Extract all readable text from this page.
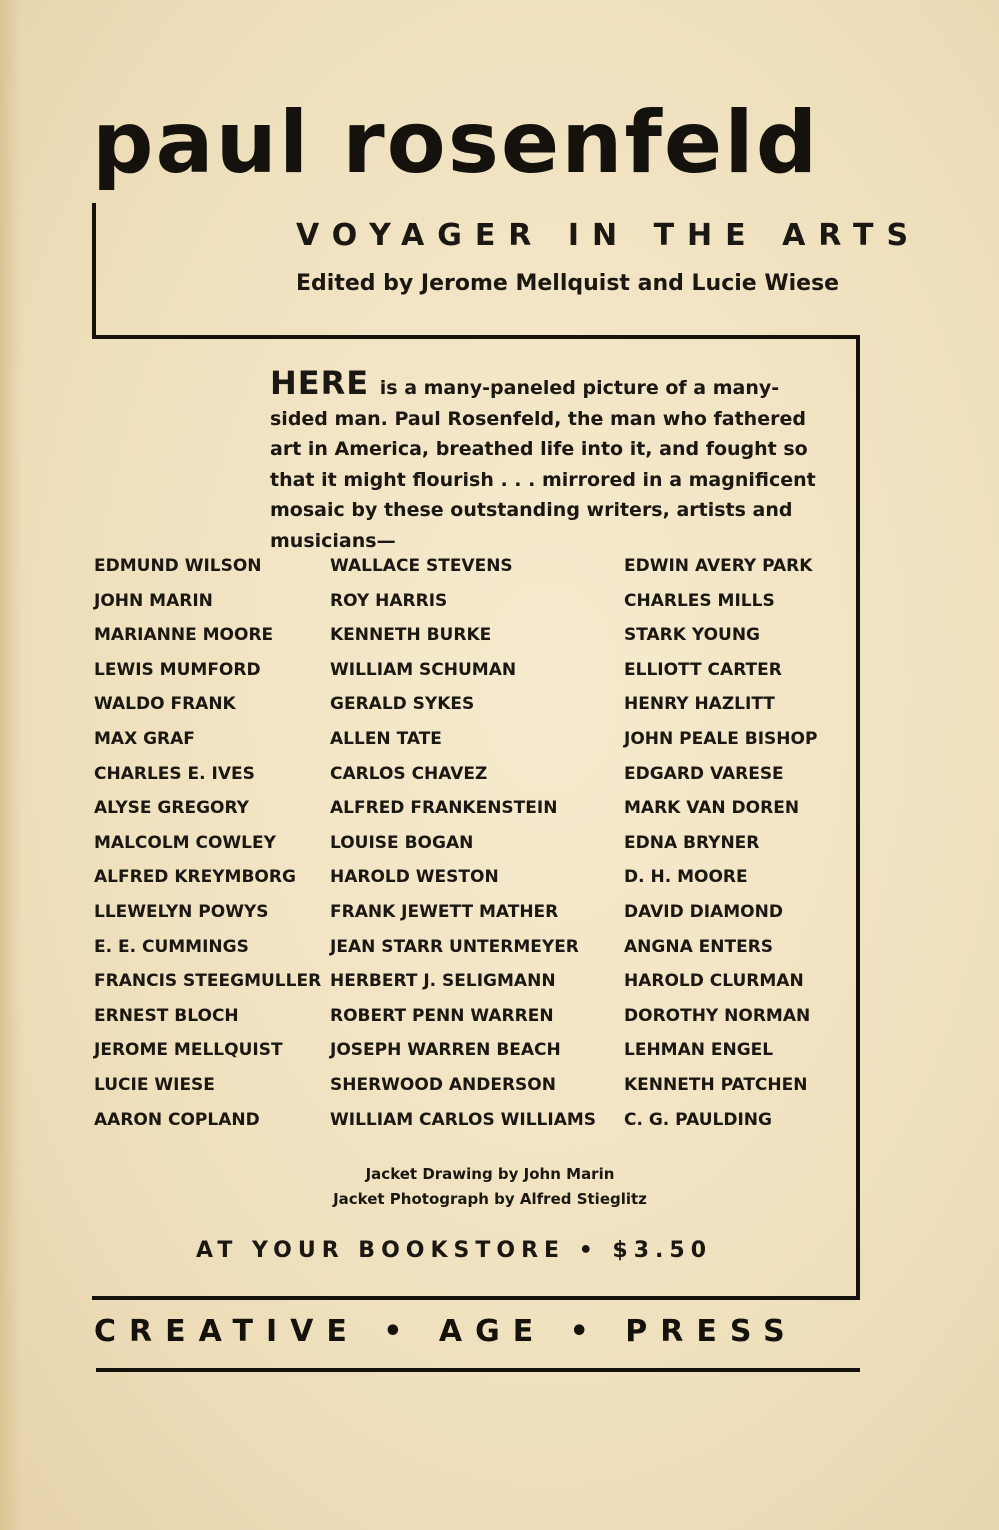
paul rosenfeld
VOYAGER IN THE ARTS
Edited by Jerome Mellquist and Lucie Wiese
HERE is a many-paneled picture of a many-sided man. Paul Rosenfeld, the man who fathered art in America, breathed life into it, and fought so that it might flourish . . . mirrored in a magnificent mosaic by these outstanding writers, artists and musicians—
EDMUND WILSON
JOHN MARIN
MARIANNE MOORE
LEWIS MUMFORD
WALDO FRANK
MAX GRAF
CHARLES E. IVES
ALYSE GREGORY
MALCOLM COWLEY
ALFRED KREYMBORG
LLEWELYN POWYS
E. E. CUMMINGS
FRANCIS STEEGMULLER
ERNEST BLOCH
JEROME MELLQUIST
LUCIE WIESE
AARON COPLAND
WALLACE STEVENS
ROY HARRIS
KENNETH BURKE
WILLIAM SCHUMAN
GERALD SYKES
ALLEN TATE
CARLOS CHAVEZ
ALFRED FRANKENSTEIN
LOUISE BOGAN
HAROLD WESTON
FRANK JEWETT MATHER
JEAN STARR UNTERMEYER
HERBERT J. SELIGMANN
ROBERT PENN WARREN
JOSEPH WARREN BEACH
SHERWOOD ANDERSON
WILLIAM CARLOS WILLIAMS
EDWIN AVERY PARK
CHARLES MILLS
STARK YOUNG
ELLIOTT CARTER
HENRY HAZLITT
JOHN PEALE BISHOP
EDGARD VARESE
MARK VAN DOREN
EDNA BRYNER
D. H. MOORE
DAVID DIAMOND
ANGNA ENTERS
HAROLD CLURMAN
DOROTHY NORMAN
LEHMAN ENGEL
KENNETH PATCHEN
C. G. PAULDING
Jacket Drawing by John Marin
Jacket Photograph by Alfred Stieglitz
AT YOUR BOOKSTORE • $3.50
CREATIVE • AGE • PRESS
